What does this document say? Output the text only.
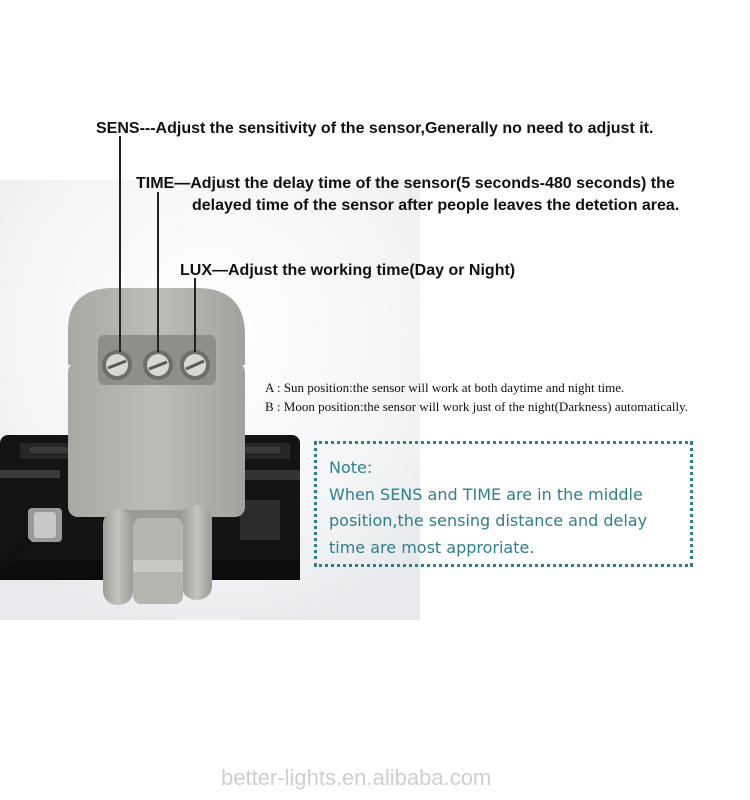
SENS---Adjust the sensitivity of the sensor,Generally no need to adjust it.
TIME—Adjust the delay time of the sensor(5 seconds-480 seconds) the
delayed time of the sensor after people leaves the detetion area.
LUX—Adjust the working time(Day or Night)
A : Sun position:the sensor will work at both daytime and night time.
B : Moon position:the sensor will work just of the night(Darkness) automatically.
Note:
When SENS and TIME are in the middle
position,the sensing distance and delay
time are most approriate.
better-lights.en.alibaba.com
